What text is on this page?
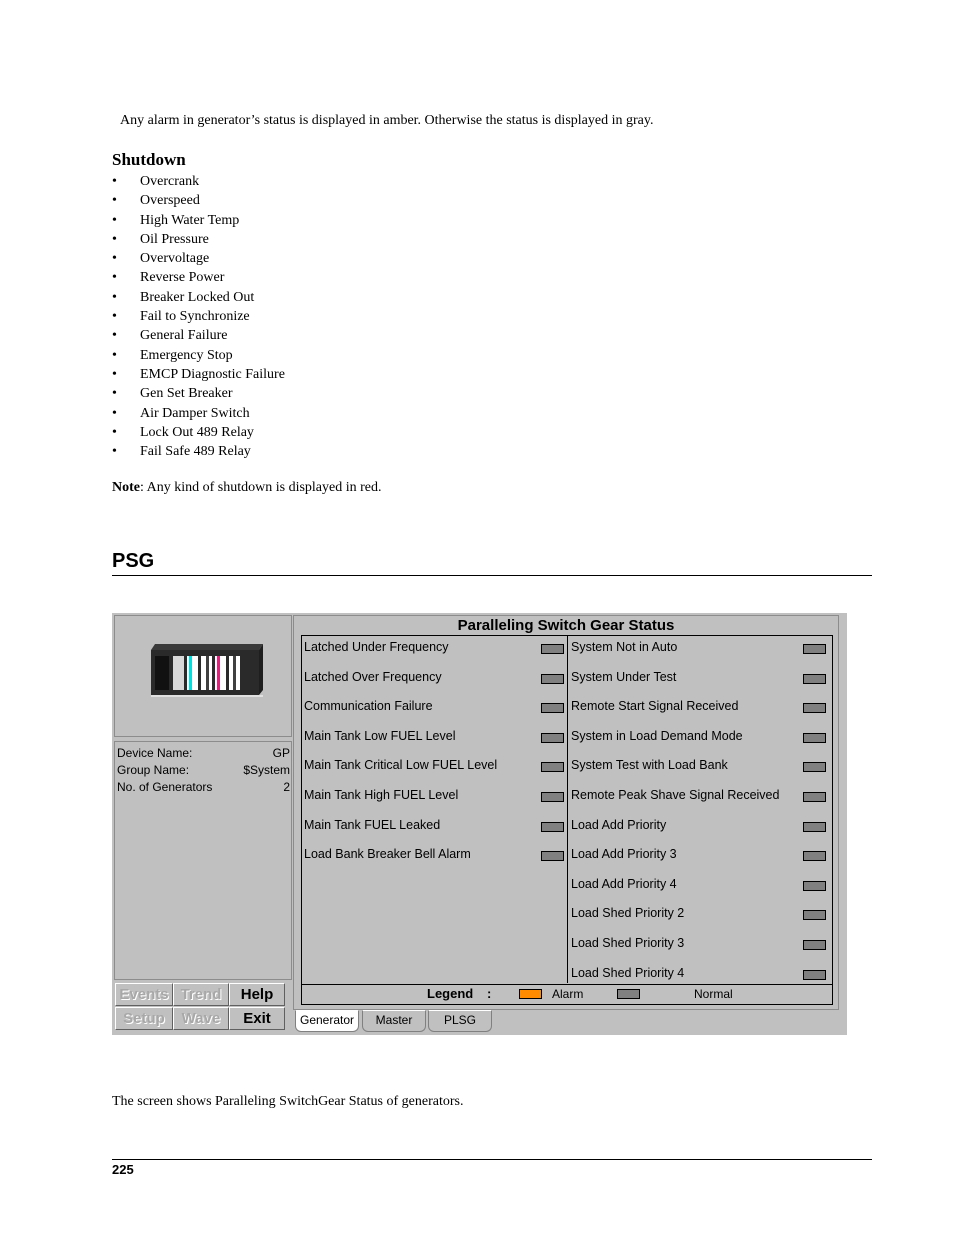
Any alarm in generator’s status is displayed in amber. Otherwise the status is displayed in gray.
Shutdown
• Overcrank
• Overspeed
• High Water Temp
• Oil Pressure
• Overvoltage
• Reverse Power
• Breaker Locked Out
• Fail to Synchronize
• General Failure
• Emergency Stop
• EMCP Diagnostic Failure
• Gen Set Breaker
• Air Damper Switch
• Lock Out 489 Relay
• Fail Safe 489 Relay
Note: Any kind of shutdown is displayed in red.
PSG
Device Name:	GP
Group Name:	$System
No. of Generators	2
Events Trend	Help
Setup	Wave	Exit
Paralleling Switch Gear Status
Legend :	Alarm	Normal
Generator	Master	PLSG
Latched Under Frequency
Latched Over Frequency
Communication Failure
Main Tank Low FUEL Level
Main Tank Critical Low FUEL Level
Main Tank High FUEL Level
Main Tank FUEL Leaked
Load Bank Breaker Bell Alarm
System Not in Auto
System Under Test
Remote Start Signal Received
System in Load Demand Mode
System Test with Load Bank
Remote Peak Shave Signal Received
Load Add Priority
Load Add Priority 3
Load Add Priority 4
Load Shed Priority 2
Load Shed Priority 3
Load Shed Priority 4
The screen shows Paralleling SwitchGear Status of generators.
225
